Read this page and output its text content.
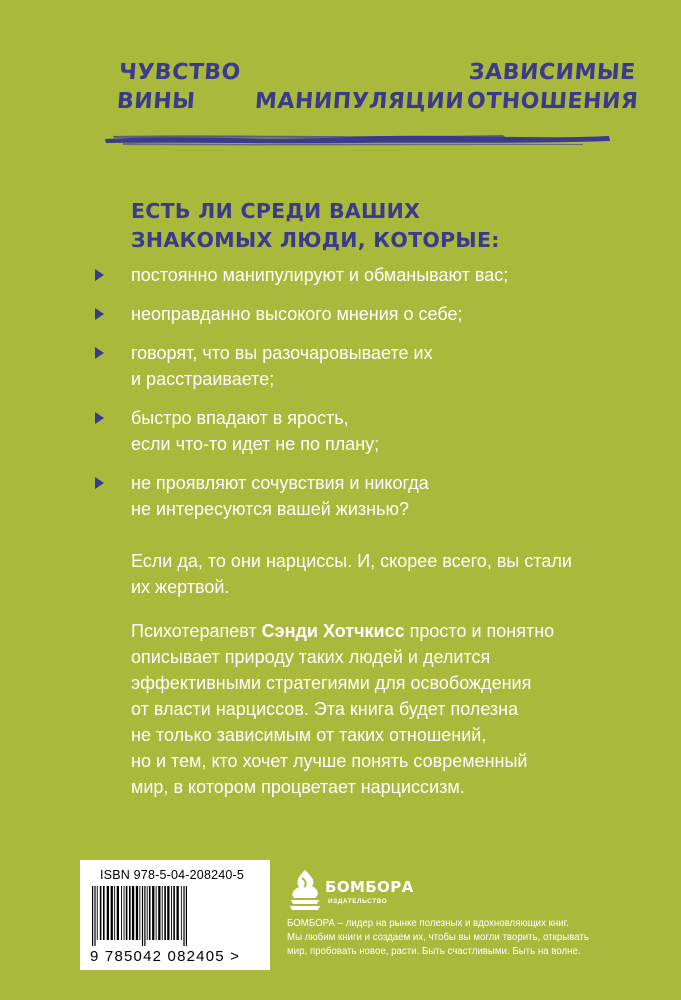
ЧУВСТВО
ВИНЫ	МАНИПУЛЯЦИИ
ЗАВИСИМЫЕ
ОТНОШЕНИЯ
ЕСТЬ ЛИ СРЕДИ ВАШИХ
ЗНАКОМЫХ ЛЮДИ, КОТОРЫЕ:
постоянно манипулируют и обманывают вас;
неоправданно высокого мнения о себе;
говорят, что вы разочаровываете их
и расстраиваете;
быстро впадают в ярость,
если что-то идет не по плану;
не проявляют сочувствия и никогда
не интересуются вашей жизнью?
Если да, то они нарциссы. И, скорее всего, вы стали
их жертвой.
Психотерапевт Сэнди Хотчкисс просто и понятно
описывает природу таких людей и делится
эффективными стратегиями для освобождения
от власти нарциссов. Эта книга будет полезна
не только зависимым от таких отношений,
но и тем, кто хочет лучше понять современный
мир, в котором процветает нарциссизм.
ISBN 978-5-04-208240-5
9 785042 082405 >
БОМБОРА
ИЗДАТЕЛЬСТВО
БОМБОРА – лидер на рынке полезных и вдохновляющих книг.
Мы любим книги и создаем их, чтобы вы могли творить, открывать
мир, пробовать новое, расти. Быть счастливыми. Быть на волне.
